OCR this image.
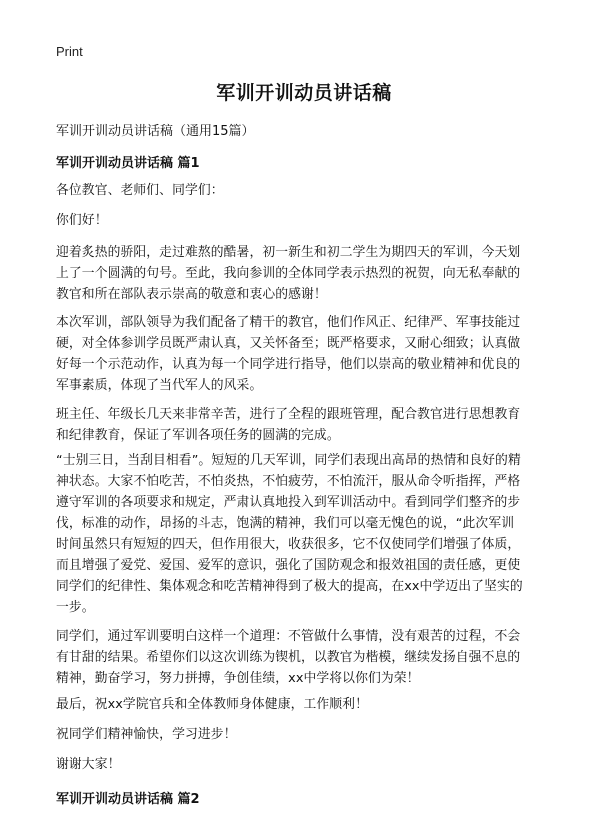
Print
军训开训动员讲话稿
军训开训动员讲话稿（通用15篇）
军训开训动员讲话稿 篇1
各位教官、老师们、同学们：
你们好！
迎着炙热的骄阳，走过难熬的酷暑，初一新生和初二学生为期四天的军训，今天划
上了一个圆满的句号。至此，我向参训的全体同学表示热烈的祝贺，向无私奉献的
教官和所在部队表示崇高的敬意和衷心的感谢！
本次军训，部队领导为我们配备了精干的教官，他们作风正、纪律严、军事技能过
硬，对全体参训学员既严肃认真，又关怀备至；既严格要求，又耐心细致；认真做
好每一个示范动作，认真为每一个同学进行指导，他们以崇高的敬业精神和优良的
军事素质，体现了当代军人的风采。
班主任、年级长几天来非常辛苦，进行了全程的跟班管理，配合教官进行思想教育
和纪律教育，保证了军训各项任务的圆满的完成。
“士别三日，当刮目相看”。短短的几天军训，同学们表现出高昂的热情和良好的精
神状态。大家不怕吃苦，不怕炎热，不怕疲劳，不怕流汗，服从命令听指挥，严格
遵守军训的各项要求和规定，严肃认真地投入到军训活动中。看到同学们整齐的步
伐，标准的动作，昂扬的斗志，饱满的精神，我们可以毫无愧色的说，“此次军训
时间虽然只有短短的四天，但作用很大，收获很多，它不仅使同学们增强了体质，
而且增强了爱党、爱国、爱军的意识，强化了国防观念和报效祖国的责任感，更使
同学们的纪律性、集体观念和吃苦精神得到了极大的提高，在xx中学迈出了坚实的
一步。
同学们，通过军训要明白这样一个道理：不管做什么事情，没有艰苦的过程，不会
有甘甜的结果。希望你们以这次训练为锲机，以教官为楷模，继续发扬自强不息的
精神，勤奋学习，努力拼搏，争创佳绩，xx中学将以你们为荣！
最后，祝xx学院官兵和全体教师身体健康，工作顺利！
祝同学们精神愉快，学习进步！
谢谢大家！
军训开训动员讲话稿 篇2
